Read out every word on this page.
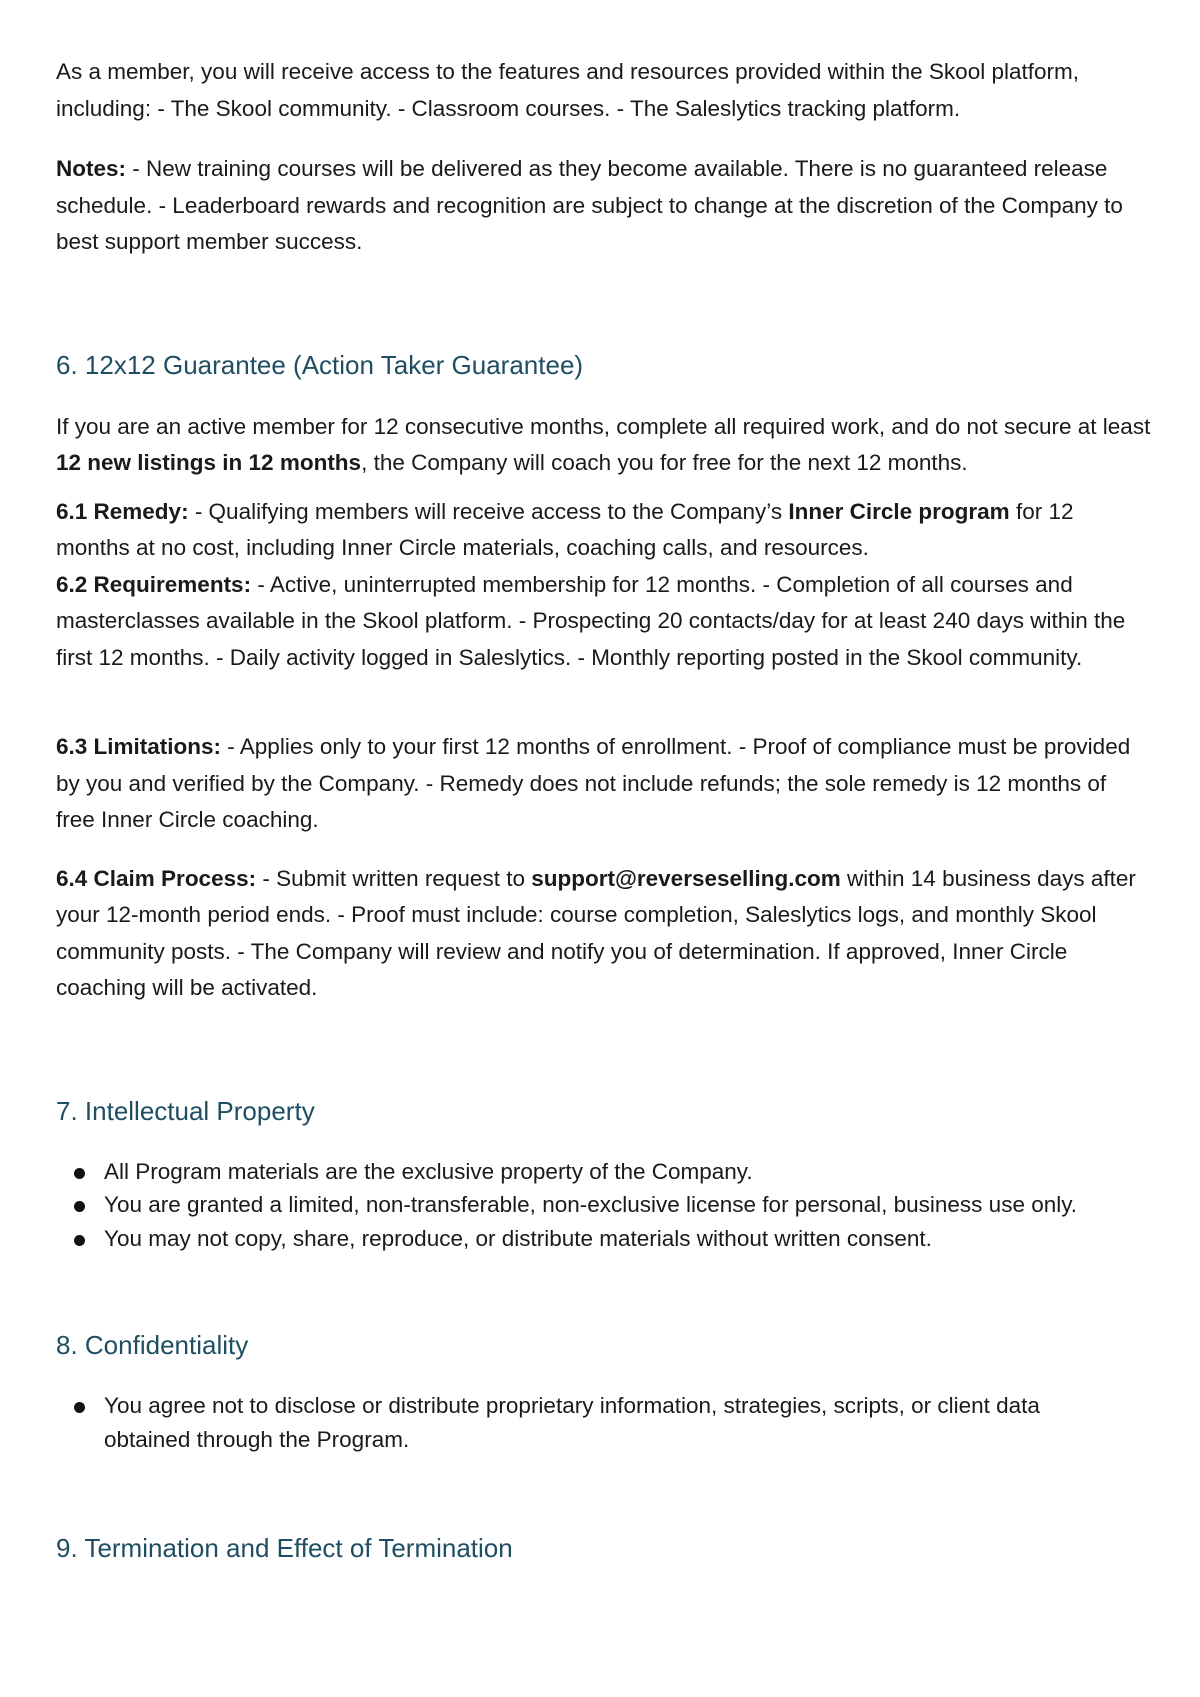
As a member, you will receive access to the features and resources provided within the Skool platform, including: - The Skool community. - Classroom courses. - The Saleslytics tracking platform.

Notes: - New training courses will be delivered as they become available. There is no guaranteed release schedule. - Leaderboard rewards and recognition are subject to change at the discretion of the Company to best support member success.

6. 12x12 Guarantee (Action Taker Guarantee)

If you are an active member for 12 consecutive months, complete all required work, and do not secure at least 12 new listings in 12 months, the Company will coach you for free for the next 12 months.

6.1 Remedy: - Qualifying members will receive access to the Company’s Inner Circle program for 12 months at no cost, including Inner Circle materials, coaching calls, and resources.

6.2 Requirements: - Active, uninterrupted membership for 12 months. - Completion of all courses and masterclasses available in the Skool platform. - Prospecting 20 contacts/day for at least 240 days within the first 12 months. - Daily activity logged in Saleslytics. - Monthly reporting posted in the Skool community.

6.3 Limitations: - Applies only to your first 12 months of enrollment. - Proof of compliance must be provided by you and verified by the Company. - Remedy does not include refunds; the sole remedy is 12 months of free Inner Circle coaching.

6.4 Claim Process: - Submit written request to support@reverseselling.com within 14 business days after your 12-month period ends. - Proof must include: course completion, Saleslytics logs, and monthly Skool community posts. - The Company will review and notify you of determination. If approved, Inner Circle coaching will be activated.

7. Intellectual Property
All Program materials are the exclusive property of the Company.
You are granted a limited, non-transferable, non-exclusive license for personal, business use only.
You may not copy, share, reproduce, or distribute materials without written consent.
8. Confidentiality
You agree not to disclose or distribute proprietary information, strategies, scripts, or client data obtained through the Program.
9. Termination and Effect of Termination
